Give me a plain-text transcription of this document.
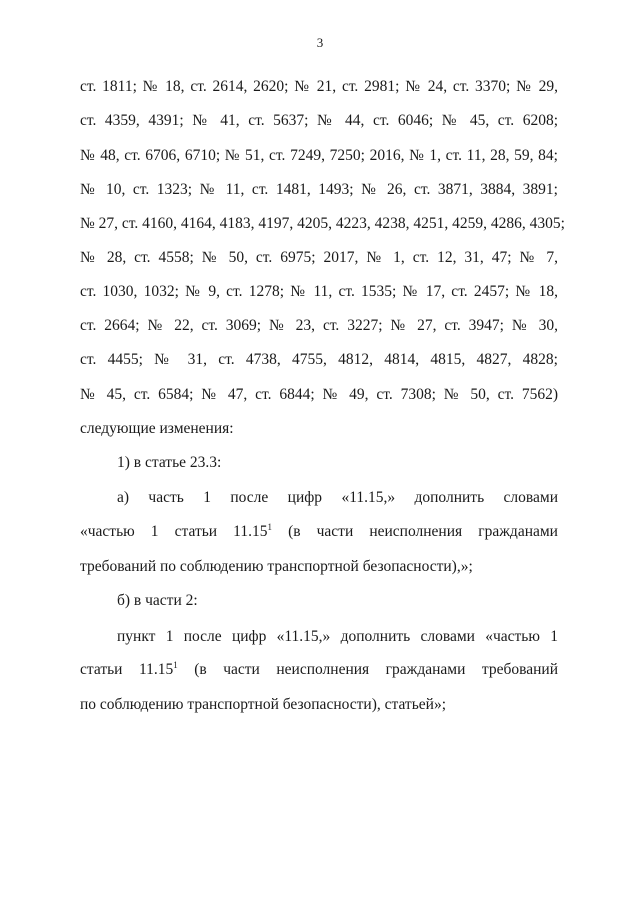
3
ст. 1811; № 18, ст. 2614, 2620; № 21, ст. 2981; № 24, ст. 3370; № 29,
ст. 4359, 4391; № 41, ст. 5637; № 44, ст. 6046; № 45, ст. 6208;
№ 48, ст. 6706, 6710; № 51, ст. 7249, 7250; 2016, № 1, ст. 11, 28, 59, 84;
№ 10, ст. 1323; № 11, ст. 1481, 1493; № 26, ст. 3871, 3884, 3891;
№ 27, ст. 4160, 4164, 4183, 4197, 4205, 4223, 4238, 4251, 4259, 4286, 4305;
№ 28, ст. 4558; № 50, ст. 6975; 2017, № 1, ст. 12, 31, 47; № 7,
ст. 1030, 1032; № 9, ст. 1278; № 11, ст. 1535; № 17, ст. 2457; № 18,
ст. 2664; № 22, ст. 3069; № 23, ст. 3227; № 27, ст. 3947; № 30,
ст. 4455; № 31, ст. 4738, 4755, 4812, 4814, 4815, 4827, 4828;
№ 45, ст. 6584; № 47, ст. 6844; № 49, ст. 7308; № 50, ст. 7562)
следующие изменения:
1) в статье 23.3:
а) часть 1 после цифр «11.15,» дополнить словами
«частью 1 статьи 11.15$^1$ (в части неисполнения гражданами
требований по соблюдению транспортной безопасности),»;
б) в части 2:
пункт 1 после цифр «11.15,» дополнить словами «частью 1
статьи 11.15$^1$ (в части неисполнения гражданами требований
по соблюдению транспортной безопасности), статьей»;
